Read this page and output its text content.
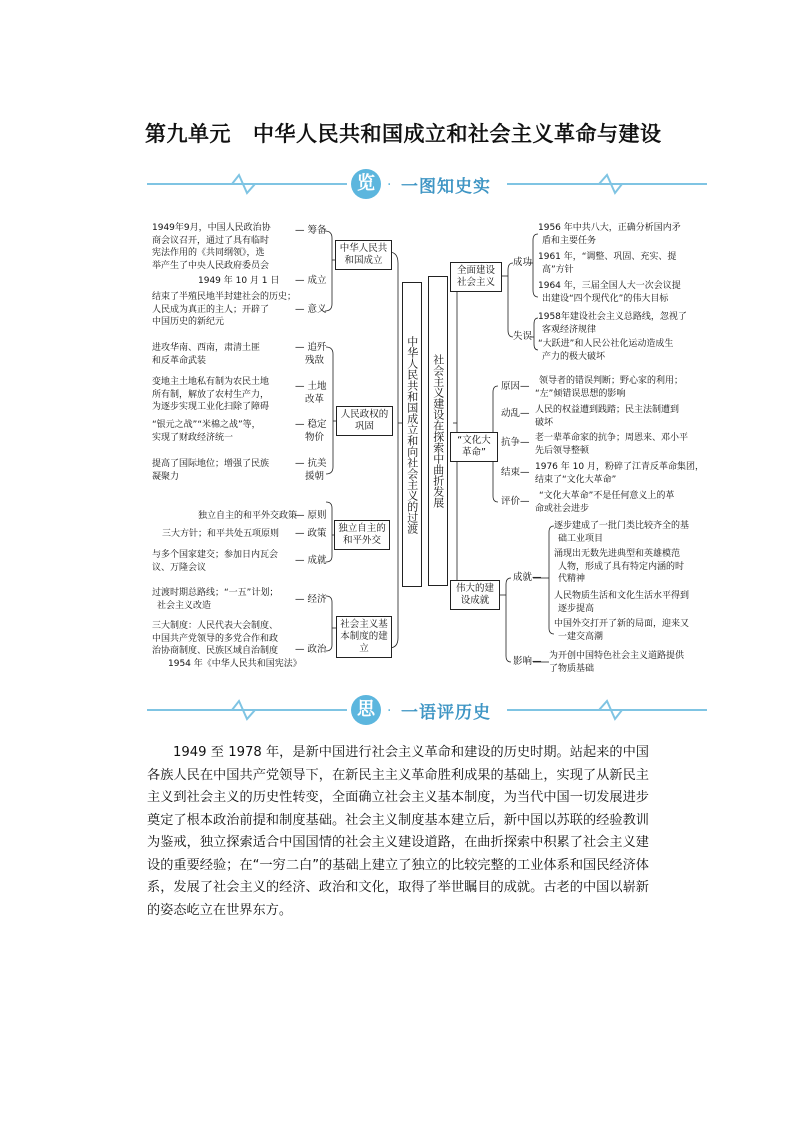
第九单元 中华人民共和国成立和社会主义革命与建设
览 · 一图知史实
中华人民共和国成立和向社会主义的过渡	社会主义建设在探索中曲折发展
中华人民共和国成立
1949年9月，中国人民政治协
商会议召开，通过了具有临时
宪法作用的《共同纲领》，选
举产生了中央人民政府委员会
— 筹备
1949 年 10 月 1 日 — 成立
结束了半殖民地半封建社会的历史；
人民成为真正的主人；开辟了
中国历史的新纪元
— 意义
人民政权的巩固
进攻华南、西南，肃清土匪
和反革命武装
— 追歼
残敌
变地主土地私有制为农民土地
所有制，解放了农村生产力，
为逐步实现工业化扫除了障碍
— 土地
改革
“银元之战”“米棉之战”等，
实现了财政经济统一
— 稳定
物价
提高了国际地位；增强了民族
凝聚力
— 抗美
援朝
独立自主的和平外交
独立自主的和平外交政策
— 原则
三大方针；和平共处五项原则 — 政策
与多个国家建交；参加日内瓦会
议、万隆会议
— 成就
社会主义基本制度的建立
过渡时期总路线；“一五”计划；
社会主义改造
— 经济
三大制度：人民代表大会制度、
中国共产党领导的多党合作和政
治协商制度、民族区域自治制度
1954 年《中华人民共和国宪法》
— 政治
全面建设社会主义
成功
1956 年中共八大，正确分析国内矛
盾和主要任务
1961 年，“调整、巩固、充实、提
高”方针
1964 年，三届全国人大一次会议提
出建设“四个现代化”的伟大目标
失误
1958年建设社会主义总路线，忽视了
客观经济规律
“大跃进”和人民公社化运动造成生
产力的极大破坏
“文化大革命”
原因—	领导者的错误判断；野心家的利用；
“左”倾错误思想的影响
动乱— 人民的权益遭到践踏；民主法制遭到
破坏
抗争— 老一辈革命家的抗争；周恩来、邓小平
先后领导整顿
结束— 1976 年 10 月，粉碎了江青反革命集团，
结束了“文化大革命”
评价—	“文化大革命”不是任何意义上的革
命或社会进步
伟大的建设成就
成就—
逐步建成了一批门类比较齐全的基
础工业项目
涌现出无数先进典型和英雄模范
人物，形成了具有特定内涵的时
代精神
人民物质生活和文化生活水平得到
逐步提高
中国外交打开了新的局面，迎来又
一建交高潮
影响— 为开创中国特色社会主义道路提供
了物质基础
思 · 一语评历史

1949 至 1978 年，是新中国进行社会主义革命和建设的历史时期。站起来的中国各族人民在中国共产党领导下，在新民主主义革命胜利成果的基础上，实现了从新民主主义到社会主义的历史性转变，全面确立社会主义基本制度，为当代中国一切发展进步奠定了根本政治前提和制度基础。社会主义制度基本建立后，新中国以苏联的经验教训为鉴戒，独立探索适合中国国情的社会主义建设道路，在曲折探索中积累了社会主义建设的重要经验；在“一穷二白”的基础上建立了独立的比较完整的工业体系和国民经济体系，发展了社会主义的经济、政治和文化，取得了举世瞩目的成就。古老的中国以崭新的姿态屹立在世界东方。
